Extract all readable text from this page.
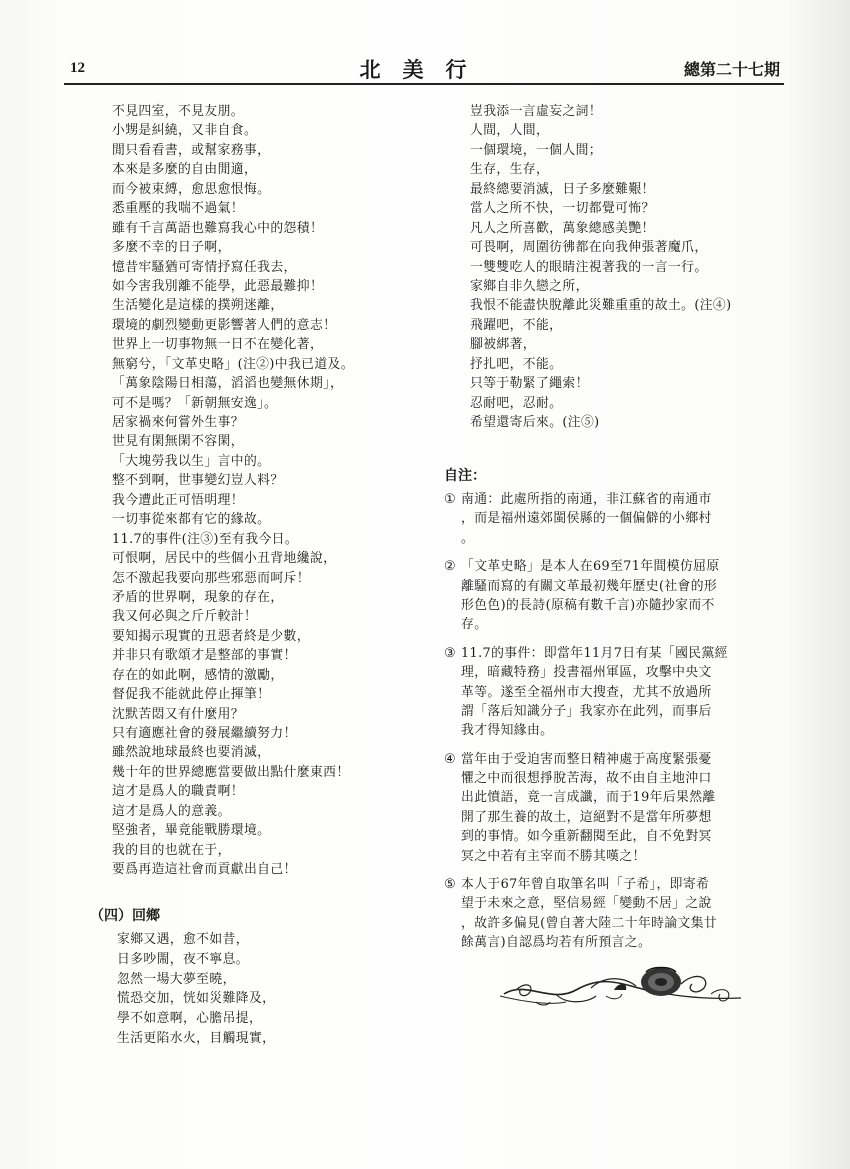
12	北美行	總第二十七期
不見四室，不見友朋。
小甥是糾繞，又非自食。
閒只看看書，或幫家務事，
本來是多麼的自由閒適，
而今被束縛，愈思愈恨悔。
悉重壓的我喘不過氣！
雖有千言萬語也難寫我心中的怨積！
多麼不幸的日子啊，
憶昔牢騷猶可寄情抒寫任我去，
如今害我別離不能學，此惡最難抑！
生活變化是這樣的撲朔迷離，
環境的劇烈變動更影響著人們的意志！
世界上一切事物無一日不在變化著，
無窮兮，「文革史略」(注②)中我已道及。
「萬象陰陽日相蕩，滔滔也變無休期」，
可不是嗎？「新朝無安逸」。
居家禍來何嘗外生事？
世見有閑無閑不容閑，
「大塊勞我以生」言中的。
整不到啊，世事變幻豈人料？
我今遭此正可悟明理！
一切事從來都有它的緣故。
11.7的事件(注③)至有我今日。
可恨啊，居民中的些個小丑背地纔說，
怎不激起我要向那些邪惡而呵斥！
矛盾的世界啊，現象的存在，
我又何必與之斤斤較計！
要知揭示現實的丑惡者終是少數，
并非只有歌頌才是整部的事實！
存在的如此啊，感情的激勵，
督促我不能就此停止揮筆！
沈默苦悶又有什麼用？
只有適應社會的發展繼續努力！
雖然說地球最終也要消滅，
幾十年的世界總應當要做出點什麼東西！
這才是爲人的職責啊！
這才是爲人的意義。
堅強者，畢竟能戰勝環境。
我的目的也就在于，
要爲再造這社會而貢獻出自己！
（四）回鄉
家鄉又遇，愈不如昔，
日多吵閙，夜不寧息。
忽然一場大夢至曉，
慌恐交加，恍如災難降及，
學不如意啊，心膽吊提，
生活更陷水火，目觸現實，
豈我添一言虛妄之詞！
人間，人間，
一個環境，一個人間；
生存，生存，
最終總要消滅，日子多麼難艱！
當人之所不快，一切都覺可怖？
凡人之所喜歡，萬象總感美艷！
可畏啊，周圍彷彿都在向我伸張著魔爪，
一雙雙吃人的眼睛注視著我的一言一行。
家鄉自非久戀之所，
我恨不能盡快脫離此災難重重的故土。(注④)
飛躍吧，不能，
腳被綁著，
抒扎吧，不能。
只等于勒緊了繩索！
忍耐吧，忍耐。
希望還寄后來。(注⑤)
自注：
① 南通：此處所指的南通，非江蘇省的南通市
，而是福州遠郊閩侯縣的一個偏僻的小鄉村
。
② 「文革史略」是本人在69至71年間模仿屈原
離騷而寫的有關文革最初幾年歷史(社會的形
形色色)的長詩(原稿有數千言)亦隨抄家而不
存。
③ 11.7的事件：即當年11月7日有某「國民黨經
理，暗藏特務」投書福州軍區，攻擊中央文
革等。遂至全福州市大搜查，尤其不放過所
謂「落后知識分子」我家亦在此列，而事后
我才得知緣由。
④ 當年由于受迫害而整日精神處于高度緊張憂
懼之中而很想掙脫苦海，故不由自主地沖口
出此憤語，竟一言成讖，而于19年后果然離
開了那生養的故土，這絕對不是當年所夢想
到的事情。如今重新翻閱至此，自不免對冥
冥之中若有主宰而不勝其嘆之！
⑤ 本人于67年曾自取筆名叫「子希」，即寄希
望于未來之意，堅信易經「變動不居」之說
，故許多偏見(曾自著大陸二十年時論文集廿
餘萬言)自認爲均若有所預言之。
